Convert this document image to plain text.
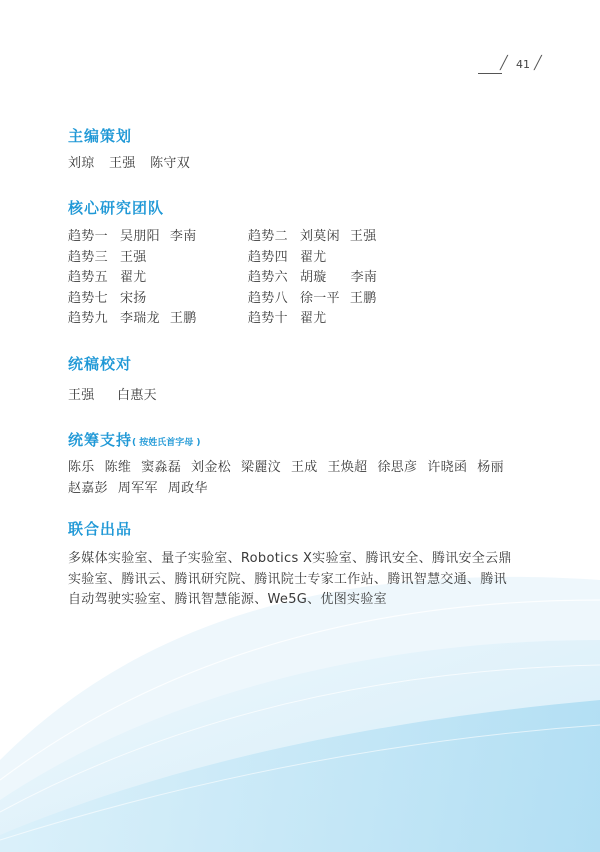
╱ 41 ╱
主编策划
刘琼 王强 陈守双
核心研究团队
趋势一 吴朋阳 李南	趋势二 刘莫闲 王强
趋势三 王强	趋势四 翟尤
趋势五 翟尤	趋势六 胡璇 李南
趋势七 宋扬	趋势八 徐一平 王鹏
趋势九 李瑞龙 王鹏	趋势十 翟尤
统稿校对
王强 白惠天
统筹支持( 按姓氏首字母 )
陈乐 陈维 窦淼磊 刘金松 梁麗汶 王成 王焕超 徐思彦 许晓函 杨丽
赵嘉彭 周军军 周政华
联合出品
多媒体实验室、量子实验室、Robotics X实验室、腾讯安全、腾讯安全云鼎
实验室、腾讯云、腾讯研究院、腾讯院士专家工作站、腾讯智慧交通、腾讯
自动驾驶实验室、腾讯智慧能源、We5G、优图实验室
